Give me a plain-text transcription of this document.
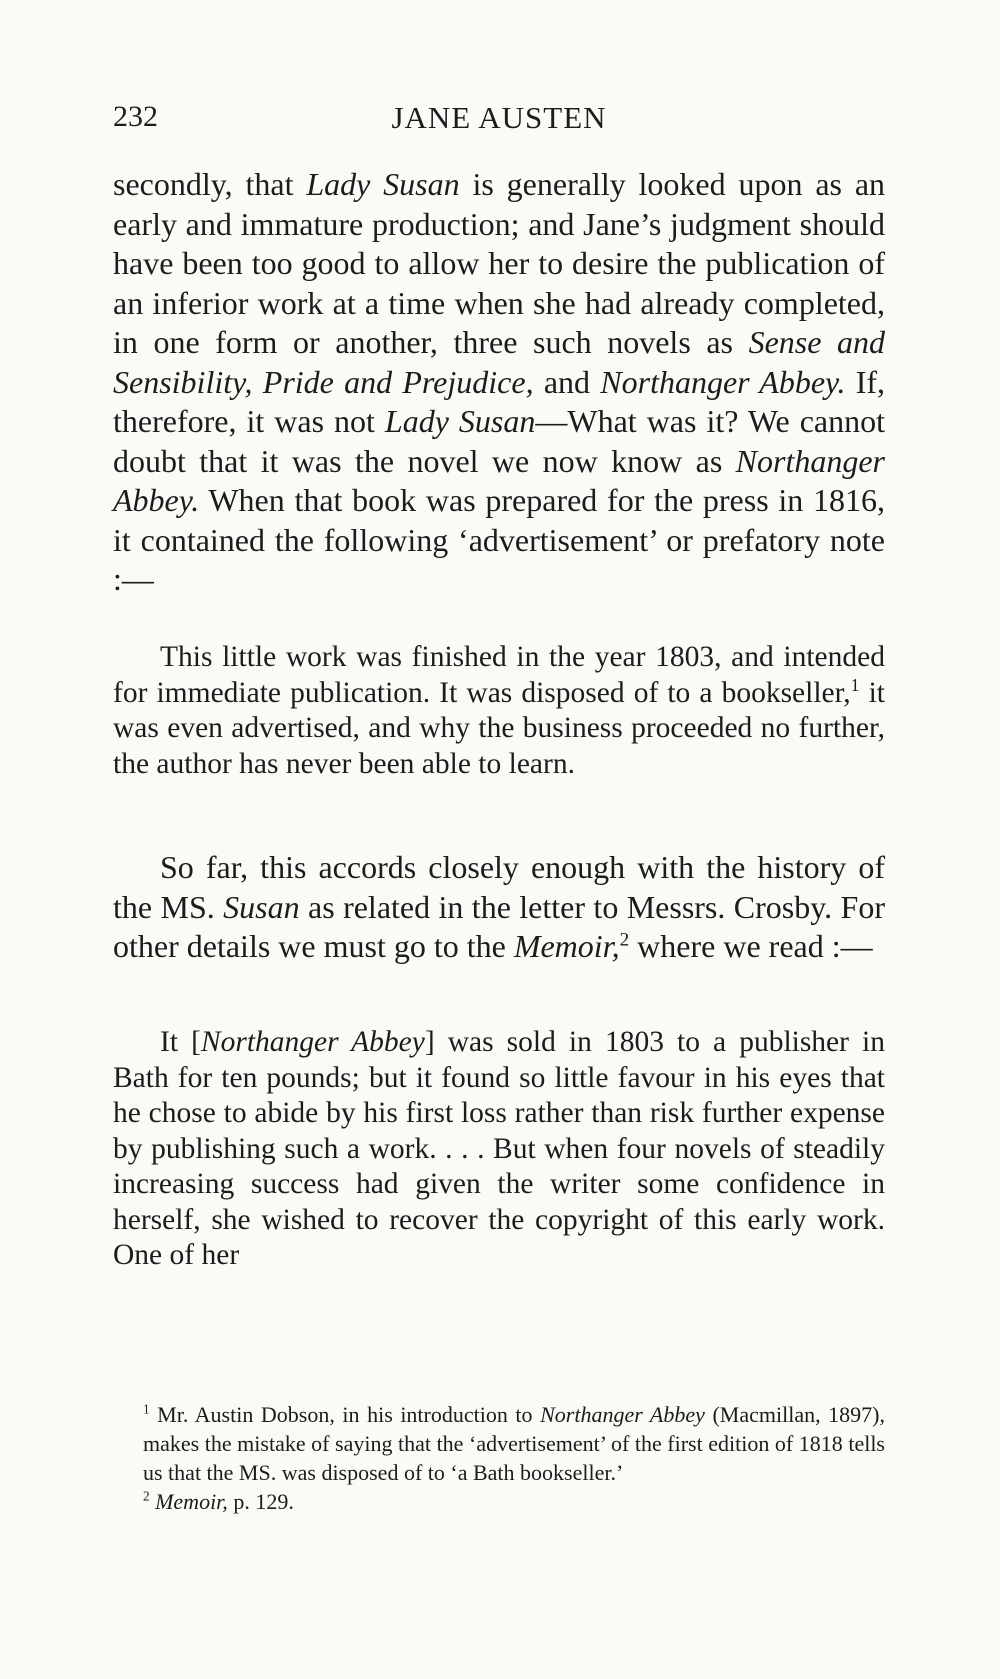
232	JANE AUSTEN

secondly, that Lady Susan is generally looked upon as an early and immature production; and Jane’s judgment should have been too good to allow her to desire the publication of an inferior work at a time when she had already completed, in one form or another, three such novels as Sense and Sensibility, Pride and Prejudice, and Northanger Abbey. If, therefore, it was not Lady Susan—What was it? We cannot doubt that it was the novel we now know as Northanger Abbey. When that book was prepared for the press in 1816, it contained the following ‘advertisement’ or prefatory note :—

This little work was finished in the year 1803, and intended for immediate publication. It was disposed of to a bookseller,$^1$ it was even advertised, and why the business proceeded no further, the author has never been able to learn.

So far, this accords closely enough with the history of the MS. Susan as related in the letter to Messrs. Crosby. For other details we must go to the Memoir,$^2$ where we read :—

It [Northanger Abbey] was sold in 1803 to a publisher in Bath for ten pounds; but it found so little favour in his eyes that he chose to abide by his first loss rather than risk further expense by publishing such a work. . . . But when four novels of steadily increasing success had given the writer some confidence in herself, she wished to recover the copyright of this early work. One of her

$^1$ Mr. Austin Dobson, in his introduction to Northanger Abbey (Macmillan, 1897), makes the mistake of saying that the ‘advertisement’ of the first edition of 1818 tells us that the MS. was disposed of to ‘a Bath bookseller.’

$^2$ Memoir, p. 129.
